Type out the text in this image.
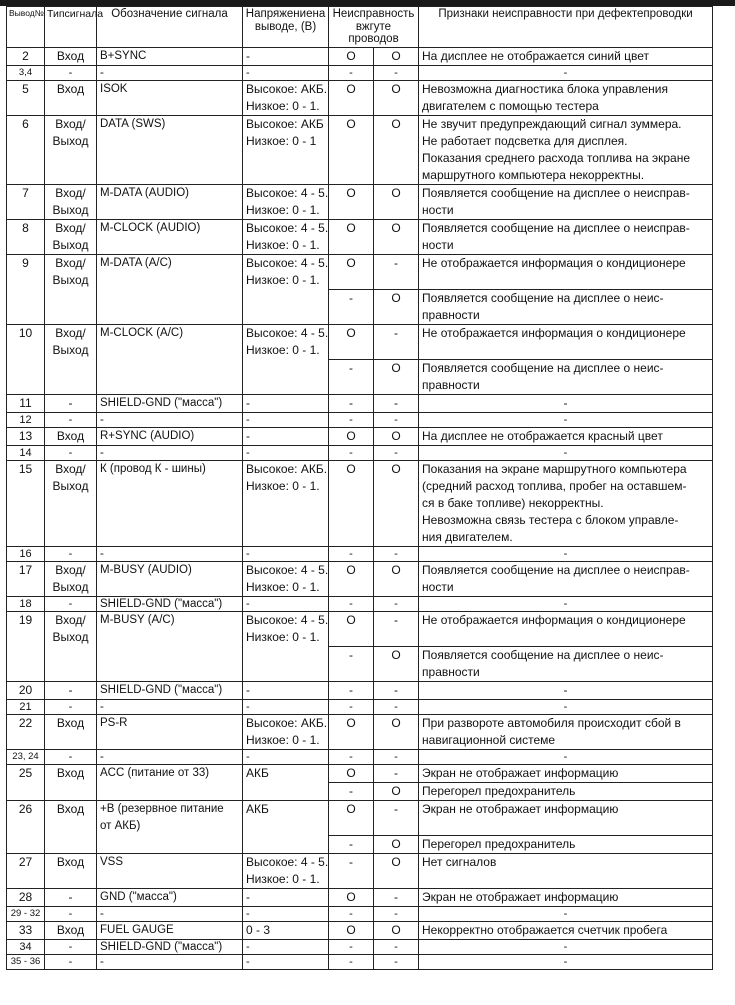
Вывод№	Типсигнала	Обозначение сигнала	Напряжениена выводе, (В)	Неисправность вжгуте проводов		Признаки неисправности при дефектепроводки
2	Вход	B+SYNC	-	O	O	На дисплее не отображается синий цвет

3,4	-	-	-	-	-	-

5	Вход	ISOK	Высокое: АКБ.
Низкое: 0 - 1.	O	O	Невозможна диагностика блока управления
двигателем с помощью тестера

6	Вход/
Выход	DATA (SWS)	Высокое: АКБ
Низкое: 0 - 1	O	O	Не звучит предупреждающий сигнал зуммера.
Не работает подсветка для дисплея.
Показания среднего расхода топлива на экране
маршрутного компьютера некорректны.

7	Вход/
Выход	M-DATA (AUDIO)	Высокое: 4 - 5.
Низкое: 0 - 1.	O	O	Появляется сообщение на дисплее о неисправ-
ности

8	Вход/
Выход	M-CLOCK (AUDIO)	Высокое: 4 - 5.
Низкое: 0 - 1.	O	O	Появляется сообщение на дисплее о неисправ-
ности

9	Вход/
Выход	M-DATA (A/C)	Высокое: 4 - 5.
Низкое: 0 - 1.	O	-	Не отображается информация о кондиционере

				-	O	Появляется сообщение на дисплее о неис-
правности

10	Вход/
Выход	M-CLOCK (A/C)	Высокое: 4 - 5.
Низкое: 0 - 1.	O	-	Не отображается информация о кондиционере

				-	O	Появляется сообщение на дисплее о неис-
правности

11	-	SHIELD-GND ("масса")	-	-	-	-

12	-	-	-	-	-	-

13	Вход	R+SYNC (AUDIO)	-	O	O	На дисплее не отображается красный цвет

14	-	-	-	-	-	-

15	Вход/
Выход	К (провод К - шины)	Высокое: АКБ.
Низкое: 0 - 1.	O	O	Показания на экране маршрутного компьютера
(средний расход топлива, пробег на оставшем-
ся в баке топливе) некорректны.
Невозможна связь тестера с блоком управле-
ния двигателем.

16	-	-	-	-	-	-

17	Вход/
Выход	M-BUSY (AUDIO)	Высокое: 4 - 5.
Низкое: 0 - 1.	O	O	Появляется сообщение на дисплее о неисправ-
ности

18	-	SHIELD-GND ("масса")	-	-	-	-

19	Вход/
Выход	M-BUSY (A/C)	Высокое: 4 - 5.
Низкое: 0 - 1.	O	-	Не отображается информация о кондиционере

				-	O	Появляется сообщение на дисплее о неис-
правности

20	-	SHIELD-GND ("масса")	-	-	-	-

21	-	-	-	-	-	-

22	Вход	PS-R	Высокое: АКБ.
Низкое: 0 - 1.	O	O	При развороте автомобиля происходит сбой в
навигационной системе

23, 24	-	-	-	-	-	-

25	Вход	ACC (питание от 33)	АКБ	O	-	Экран не отображает информацию

				-	O	Перегорел предохранитель

26	Вход	+B (резервное питание
от АКБ)	АКБ	O	-	Экран не отображает информацию

				-	O	Перегорел предохранитель

27	Вход	VSS	Высокое: 4 - 5.
Низкое: 0 - 1.	-	O	Нет сигналов

28	-	GND ("масса")	-	O	-	Экран не отображает информацию

29 - 32	-	-	-	-	-	-

33	Вход	FUEL GAUGE	0 - 3	O	O	Некорректно отображается счетчик пробега

34	-	SHIELD-GND ("масса")	-	-	-	-

35 - 36	-	-	-	-	-	-
